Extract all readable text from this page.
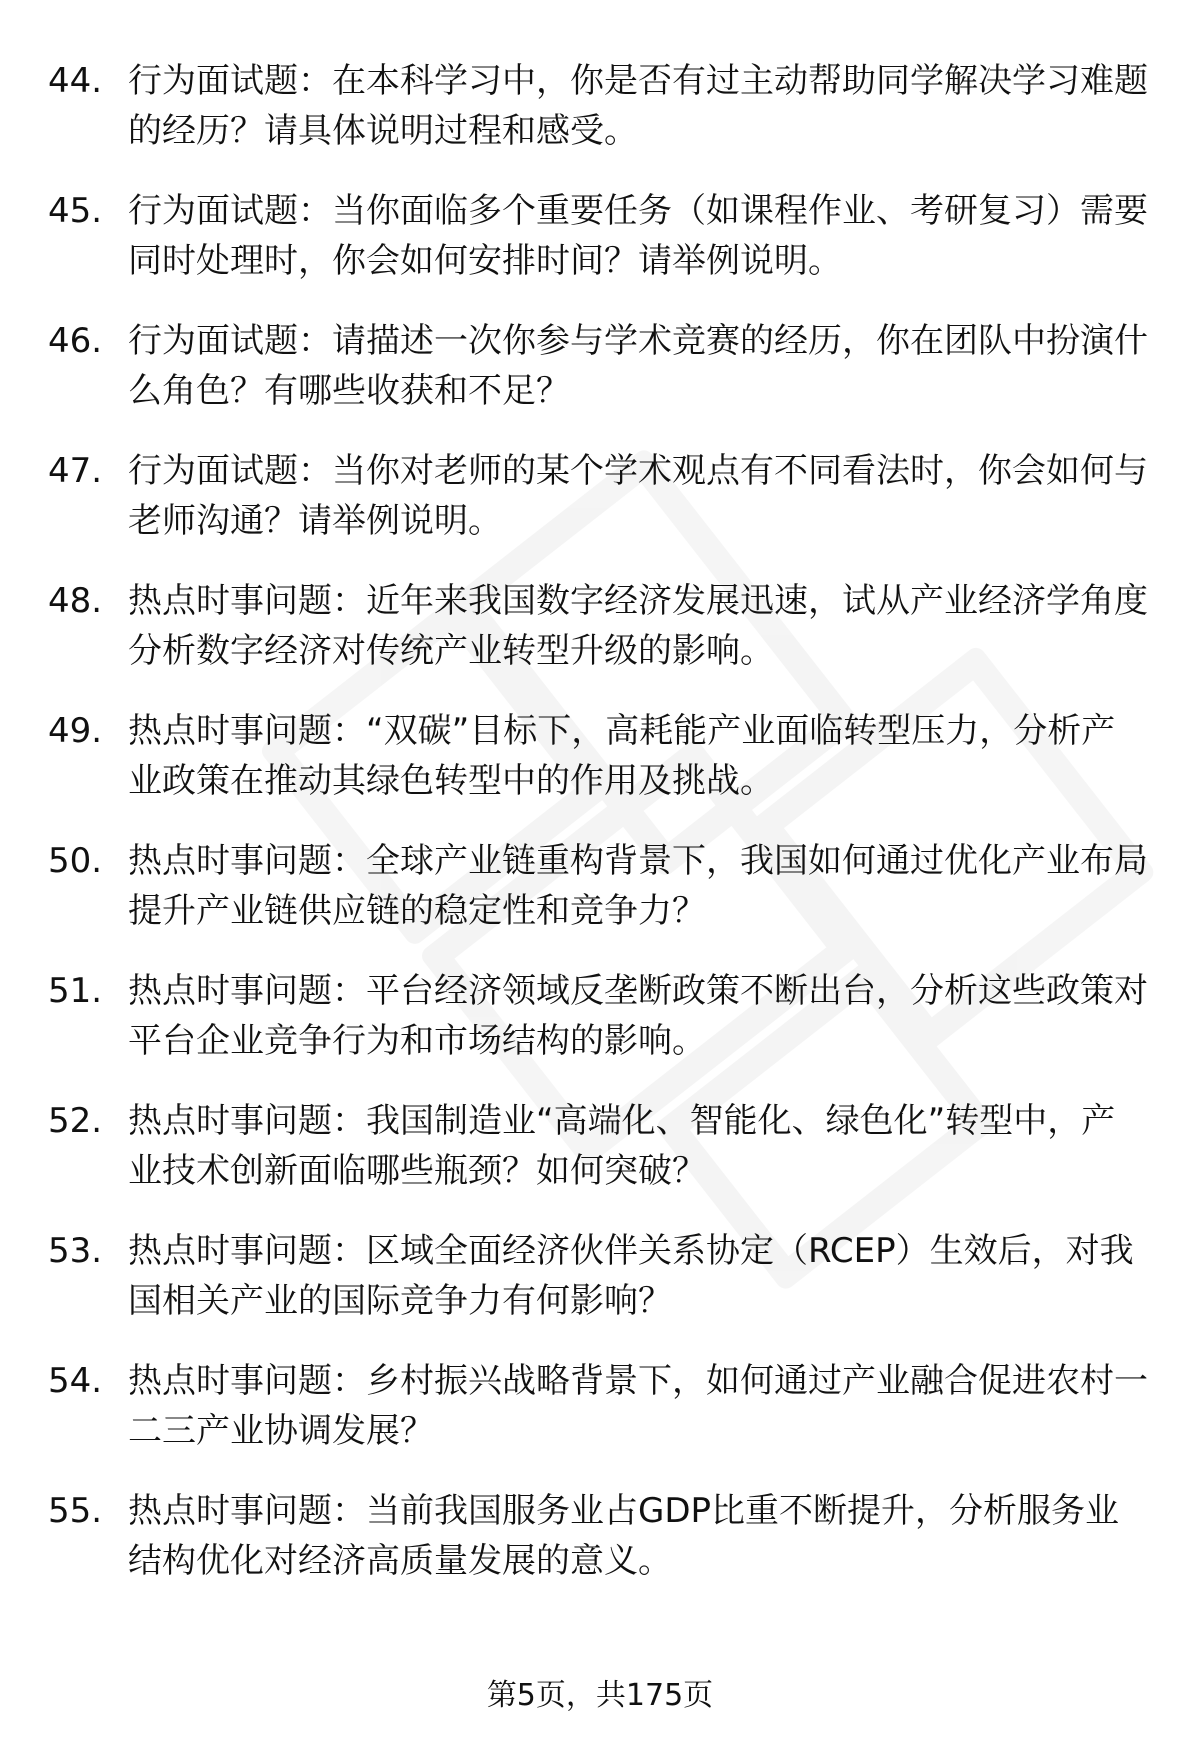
44. 行为面试题：在本科学习中，你是否有过主动帮助同学解决学习难题的经历？请具体说明过程和感受。
45. 行为面试题：当你面临多个重要任务（如课程作业、考研复习）需要同时处理时，你会如何安排时间？请举例说明。
46. 行为面试题：请描述一次你参与学术竞赛的经历，你在团队中扮演什么角色？有哪些收获和不足？
47. 行为面试题：当你对老师的某个学术观点有不同看法时，你会如何与老师沟通？请举例说明。
48. 热点时事问题：近年来我国数字经济发展迅速，试从产业经济学角度分析数字经济对传统产业转型升级的影响。
49. 热点时事问题：“双碳”目标下，高耗能产业面临转型压力，分析产业政策在推动其绿色转型中的作用及挑战。
50. 热点时事问题：全球产业链重构背景下，我国如何通过优化产业布局提升产业链供应链的稳定性和竞争力？
51. 热点时事问题：平台经济领域反垄断政策不断出台，分析这些政策对平台企业竞争行为和市场结构的影响。
52. 热点时事问题：我国制造业“高端化、智能化、绿色化”转型中，产业技术创新面临哪些瓶颈？如何突破？
53. 热点时事问题：区域全面经济伙伴关系协定（RCEP）生效后，对我国相关产业的国际竞争力有何影响？
54. 热点时事问题：乡村振兴战略背景下，如何通过产业融合促进农村一二三产业协调发展？
55. 热点时事问题：当前我国服务业占GDP比重不断提升，分析服务业结构优化对经济高质量发展的意义。
第5页，共175页
